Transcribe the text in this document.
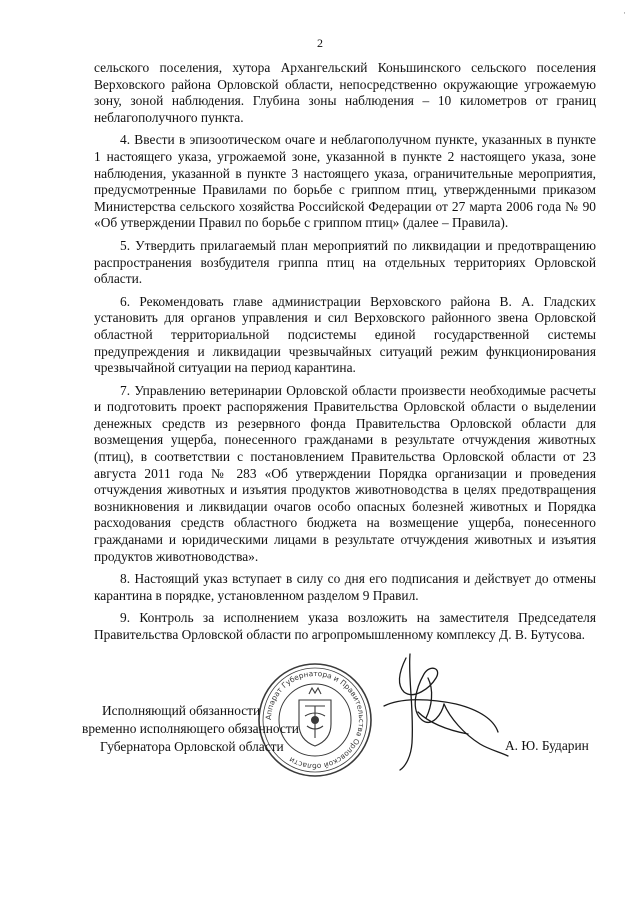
·
2

сельского поселения, хутора Архангельский Коньшинского сельского поселения Верховского района Орловской области, непосредственно окружающие угрожаемую зону, зоной наблюдения. Глубина зоны наблюдения – 10 километров от границ неблагополучного пункта.

4. Ввести в эпизоотическом очаге и неблагополучном пункте, указанных в пункте 1 настоящего указа, угрожаемой зоне, указанной в пункте 2 настоящего указа, зоне наблюдения, указанной в пункте 3 настоящего указа, ограничительные мероприятия, предусмотренные Правилами по борьбе с гриппом птиц, утвержденными приказом Министерства сельского хозяйства Российской Федерации от 27 марта 2006 года № 90 «Об утверждении Правил по борьбе с гриппом птиц» (далее – Правила).

5. Утвердить прилагаемый план мероприятий по ликвидации и предотвращению распространения возбудителя гриппа птиц на отдельных территориях Орловской области.

6. Рекомендовать главе администрации Верховского района В. А. Гладских установить для органов управления и сил Верховского районного звена Орловской областной территориальной подсистемы единой государственной системы предупреждения и ликвидации чрезвычайных ситуаций режим функционирования чрезвычайной ситуации на период карантина.

7. Управлению ветеринарии Орловской области произвести необходимые расчеты и подготовить проект распоряжения Правительства Орловской области о выделении денежных средств из резервного фонда Правительства Орловской области для возмещения ущерба, понесенного гражданами в результате отчуждения животных (птиц), в соответствии с постановлением Правительства Орловской области от 23 августа 2011 года № 283 «Об утверждении Порядка организации и проведения отчуждения животных и изъятия продуктов животноводства в целях предотвращения возникновения и ликвидации очагов особо опасных болезней животных и Порядка расходования средств областного бюджета на возмещение ущерба, понесенного гражданами и юридическими лицами в результате отчуждения животных и изъятия продуктов животноводства».

8. Настоящий указ вступает в силу со дня его подписания и действует до отмены карантина в порядке, установленном разделом 9 Правил.

9. Контроль за исполнением указа возложить на заместителя Председателя Правительства Орловской области по агропромышленному комплексу Д. В. Бутусова.

Аппарат Губернатора и Правительства Орловской области
Исполняющий обязанности
временно исполняющего обязанности
Губернатора Орловской области	А. Ю. Бударин
